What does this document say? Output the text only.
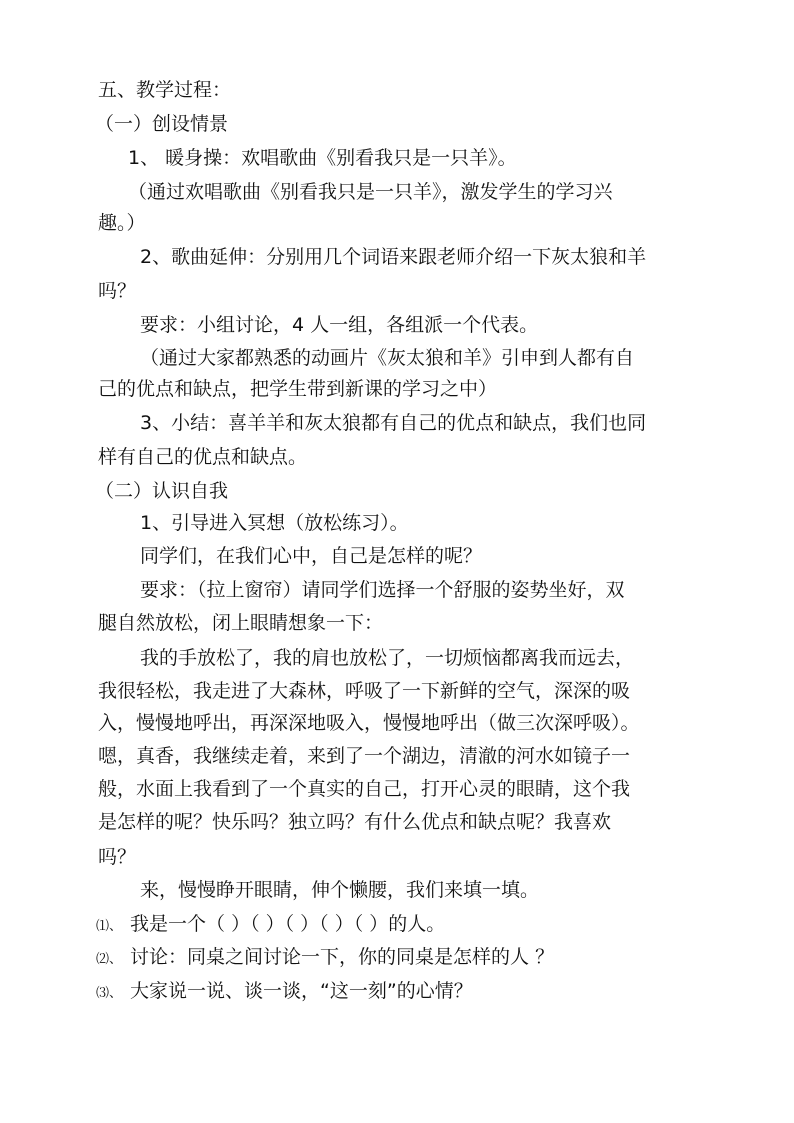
五、教学过程：
（一）创设情景
1、 暖身操：欢唱歌曲《别看我只是一只羊》。
（通过欢唱歌曲《别看我只是一只羊》，激发学生的学习兴
趣。）
2、歌曲延伸：分别用几个词语来跟老师介绍一下灰太狼和羊
吗？
要求：小组讨论，4 人一组，各组派一个代表。
（通过大家都熟悉的动画片《灰太狼和羊》引申到人都有自
己的优点和缺点，把学生带到新课的学习之中）
3、小结：喜羊羊和灰太狼都有自己的优点和缺点，我们也同
样有自己的优点和缺点。
（二）认识自我
1、引导进入冥想（放松练习）。
同学们，在我们心中，自己是怎样的呢？
要求：（拉上窗帘）请同学们选择一个舒服的姿势坐好，双
腿自然放松，闭上眼睛想象一下：
我的手放松了，我的肩也放松了，一切烦恼都离我而远去，
我很轻松，我走进了大森林，呼吸了一下新鲜的空气，深深的吸
入，慢慢地呼出，再深深地吸入，慢慢地呼出（做三次深呼吸）。
嗯，真香，我继续走着，来到了一个湖边，清澈的河水如镜子一
般，水面上我看到了一个真实的自己，打开心灵的眼睛，这个我
是怎样的呢？快乐吗？独立吗？有什么优点和缺点呢？我喜欢
吗？
来，慢慢睁开眼睛，伸个懒腰，我们来填一填。
⑴、 我是一个（ ）（ ）（ ）（ ）（ ）的人。
⑵、 讨论：同桌之间讨论一下，你的同桌是怎样的人 ？
⑶、 大家说一说、谈一谈，“这一刻”的心情？
